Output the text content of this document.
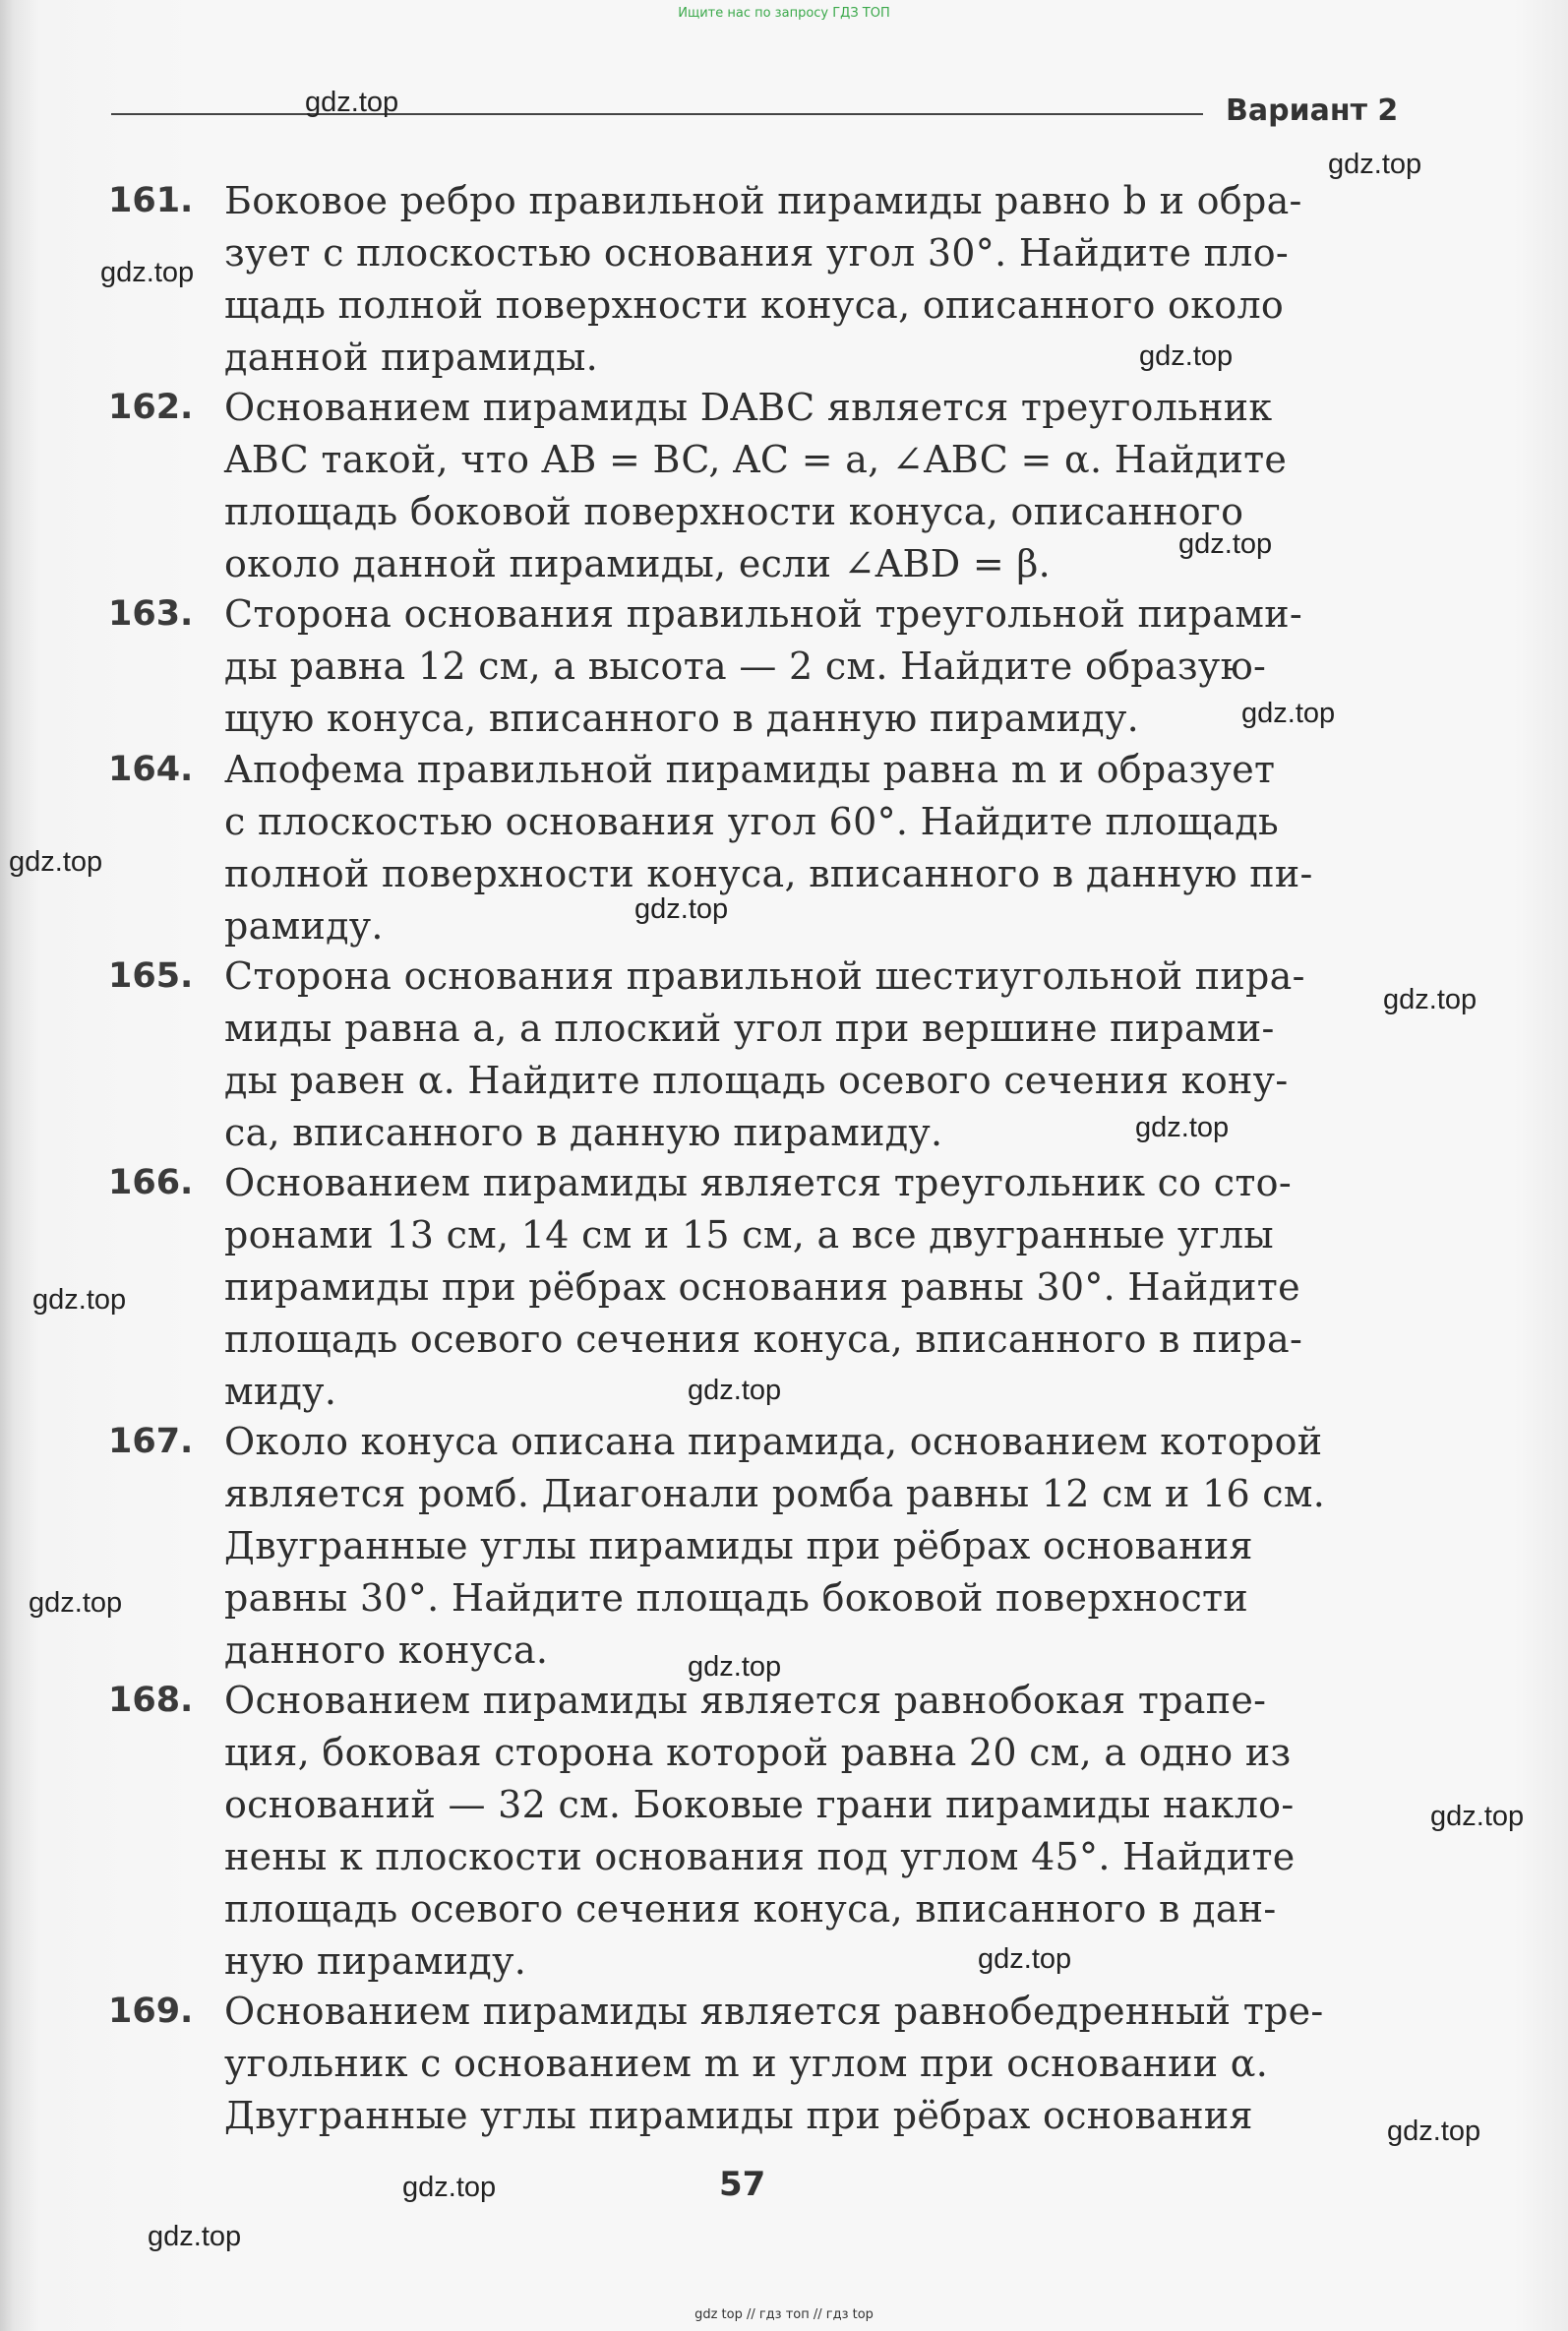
Ищите нас по запросу ГДЗ ТОП
Вариант 2
161. Боковое ребро правильной пирамиды равно b и обра-
зует с плоскостью основания угол 30°. Найдите пло-
щадь полной поверхности конуса, описанного около
данной пирамиды.
162. Основанием пирамиды DABC является треугольник
ABC такой, что AB = BC, AC = a, ∠ABC = α. Найдите
площадь боковой поверхности конуса, описанного
около данной пирамиды, если ∠ABD = β.
163. Сторона основания правильной треугольной пирами-
ды равна 12 см, а высота — 2 см. Найдите образую-
щую конуса, вписанного в данную пирамиду.
164. Апофема правильной пирамиды равна m и образует
с плоскостью основания угол 60°. Найдите площадь
полной поверхности конуса, вписанного в данную пи-
рамиду.
165. Сторона основания правильной шестиугольной пира-
миды равна a, а плоский угол при вершине пирами-
ды равен α. Найдите площадь осевого сечения кону-
са, вписанного в данную пирамиду.
166. Основанием пирамиды является треугольник со сто-
ронами 13 см, 14 см и 15 см, а все двугранные углы
пирамиды при рёбрах основания равны 30°. Найдите
площадь осевого сечения конуса, вписанного в пира-
миду.
167. Около конуса описана пирамида, основанием которой
является ромб. Диагонали ромба равны 12 см и 16 см.
Двугранные углы пирамиды при рёбрах основания
равны 30°. Найдите площадь боковой поверхности
данного конуса.
168. Основанием пирамиды является равнобокая трапе-
ция, боковая сторона которой равна 20 см, а одно из
оснований — 32 см. Боковые грани пирамиды накло-
нены к плоскости основания под углом 45°. Найдите
площадь осевого сечения конуса, вписанного в дан-
ную пирамиду.
169. Основанием пирамиды является равнобедренный тре-
угольник с основанием m и углом при основании α.
Двугранные углы пирамиды при рёбрах основания
57
gdz.top
gdz.top
gdz.top
gdz.top
gdz.top
gdz.top
gdz.top
gdz.top
gdz.top
gdz.top
gdz.top
gdz.top
gdz.top
gdz.top
gdz.top
gdz.top
gdz.top
gdz.top
gdz.top
gdz top // гдз топ // гдз top
